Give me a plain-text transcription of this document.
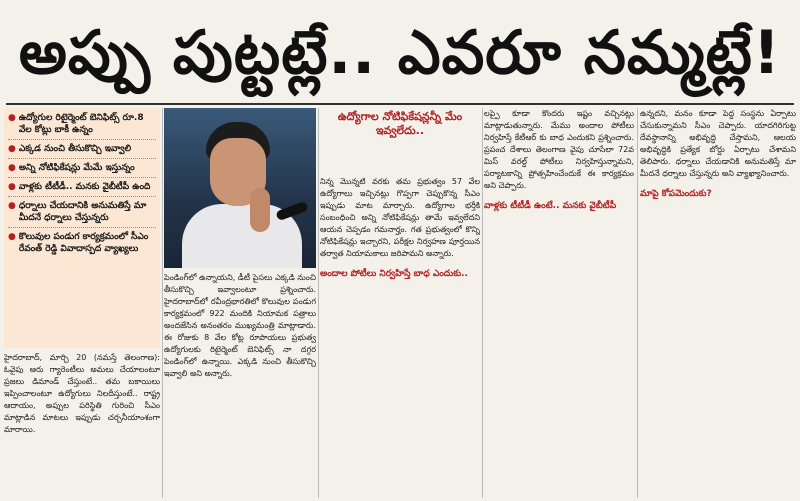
అప్పు పుట్టట్లే.. ఎవరూ నమ్మట్లే!
● ఉద్యోగుల రిటైర్మెంట్ బెనిఫిట్స్ రూ.8 వేల కోట్లు బాకీ ఉన్నం
● ఎక్కడ నుంచి తీసుకొచ్చి ఇవ్వాలి
● అన్ని నోటిఫికేషన్లు మేమే ఇస్తున్నం
● వాళ్లకు టీటీడీ.. మనకు వైబీటీపీ ఉంది
● ధర్నాలు చేయదానికి అనుమతిస్తే మా మీదనే ధర్నాలు చేస్తున్నరు
● కొలువుల పండుగ కార్యక్రమంలో సీఎం రేవంత్ రెడ్డి వివాదాస్పద వ్యాఖ్యలు
ఉద్యోగాల నోటిఫికేషన్లన్నీ మేం ఇవ్వలేదు..

హైదరాబాద్, మార్చి 20 (నమస్తే తెలంగాణ): ఓవైపు ఆరు గ్యారెంటీలు అమలు చేయాలంటూ ప్రజలు డిమాండ్ చేస్తుంటే.. తమ బకాయిలు ఇప్పించాలంటూ ఉద్యోగులు నిలదీస్తుంటే.. రాష్ట్ర ఆదాయం, అప్పుల పరిస్థితి గురించి సీఎం మాట్లాడిన మాటలు ఇప్పుడు చర్చనీయాంశంగా మారాయి.

పెండింగ్‌లో ఉన్నాయని, డీటీ పైసలు ఎక్కడి నుంచి తీసుకొచ్చి ఇవ్వాలంటూ ప్రశ్నించారు. హైదరాబాద్‌లో రవీంద్రభారతిలో కొలువుల పండుగ కార్యక్రమంలో 922 మందికి నియామక పత్రాలు అందజేసిన అనంతరం ముఖ్యమంత్రి మాట్లాడారు. ఈ రోజుకు 8 వేల కోట్ల రూపాయలు ప్రభుత్వ ఉద్యోగులకు రిటైర్మెంట్ బెనిఫిట్స్ నా దగ్గర పెండింగ్‌లో ఉన్నాయి. ఎక్కడి నుంచి తీసుకొచ్చి ఇవ్వాలి అని అన్నారు.

నిన్న మొన్నటి వరకు తమ ప్రభుత్వం 57 వేల ఉద్యోగాలు ఇచ్చినట్లు గొప్పగా చెప్పుకొన్న సీఎం ఇప్పుడు మాట మార్చారు. ఉద్యోగాల భర్తీకి సంబంధించి అన్ని నోటిఫికేషన్లు తామే ఇవ్వలేదని ఆయన చెప్పడం గమనార్హం. గత ప్రభుత్వంలో కొన్ని నోటిఫికేషన్లు ఇచ్చారని, పరీక్షల నిర్వహణ పూర్తయిన తర్వాత నియామకాలు జరిపామని అన్నారు.

అందాల పోటీలు నిర్వహిస్తే బాధ ఎందుకు..

లప్పై కూడా కొందరు ఇష్టం వచ్చినట్లు మాట్లాడుతున్నారు. మేము అందాల పోటీలు నిర్వహిస్తే కేటీఆర్ కు బాధ ఎందుకని ప్రశ్నించారు. ప్రపంచ దేశాలు తెలంగాణ వైపు చూసేలా 72వ మిస్ వరల్డ్ పోటీలు నిర్వహిస్తున్నామని, పర్యాటకాన్ని ప్రోత్సహించేందుకే ఈ కార్యక్రమం అని చెప్పారు.

వాళ్లకు టీటీడీ ఉంటే.. మనకు వైబీటీపీ

ఉన్నదని, మనం కూడా పెద్ద సంస్థను ఏర్పాటు చేసుకున్నామని సీఎం చెప్పారు. యాదగిరిగుట్ట దేవస్థానాన్ని అభివృద్ధి చేస్తామని, ఆలయ అభివృద్ధికి ప్రత్యేక బోర్డు ఏర్పాటు చేశామని తెలిపారు. ధర్నాలు చేయడానికి అనుమతిస్తే మా మీదనే ధర్నాలు చేస్తున్నరు అని వ్యాఖ్యానించారు.

మాపై కోపమెందుకు?
